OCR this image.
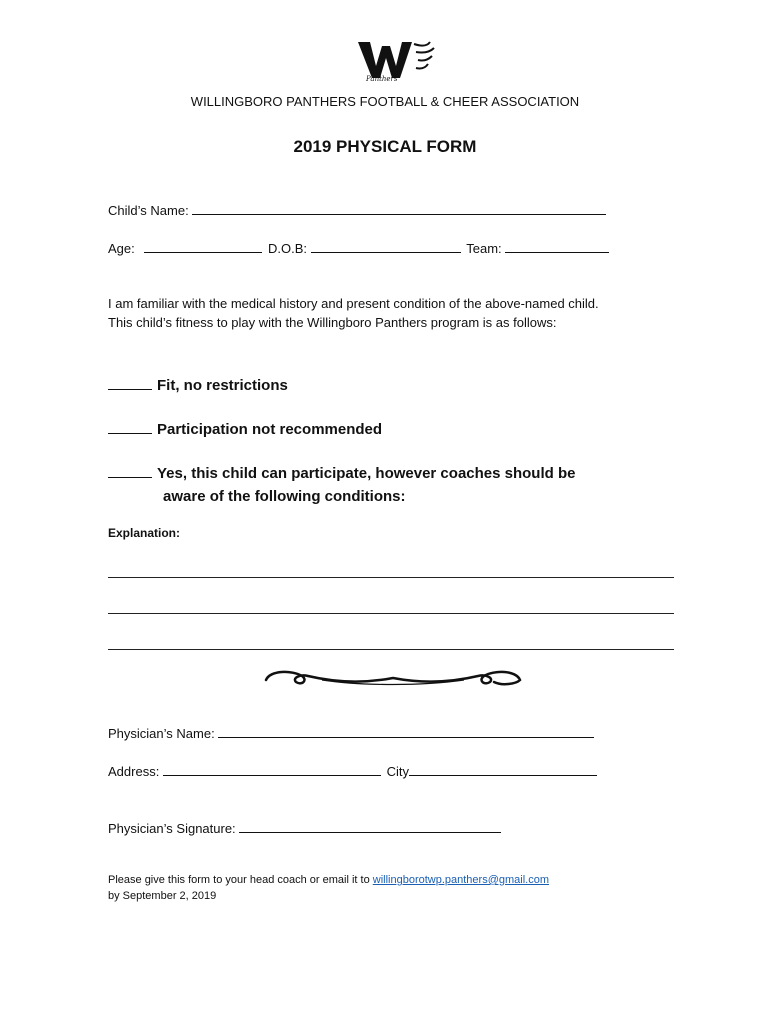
Panthers
WILLINGBORO PANTHERS FOOTBALL & CHEER ASSOCIATION
2019 PHYSICAL FORM
Child’s Name:
Age:	D.O.B:	Team:
I am familiar with the medical history and present condition of the above-named child.
This child’s fitness to play with the Willingboro Panthers program is as follows:
Fit, no restrictions
Participation not recommended
Yes, this child can participate, however coaches should be
aware of the following conditions:
Explanation:
Physician’s Name:
Address:	City
Physician’s Signature:
Please give this form to your head coach or email it to willingborotwp.panthers@gmail.com
by September 2, 2019
